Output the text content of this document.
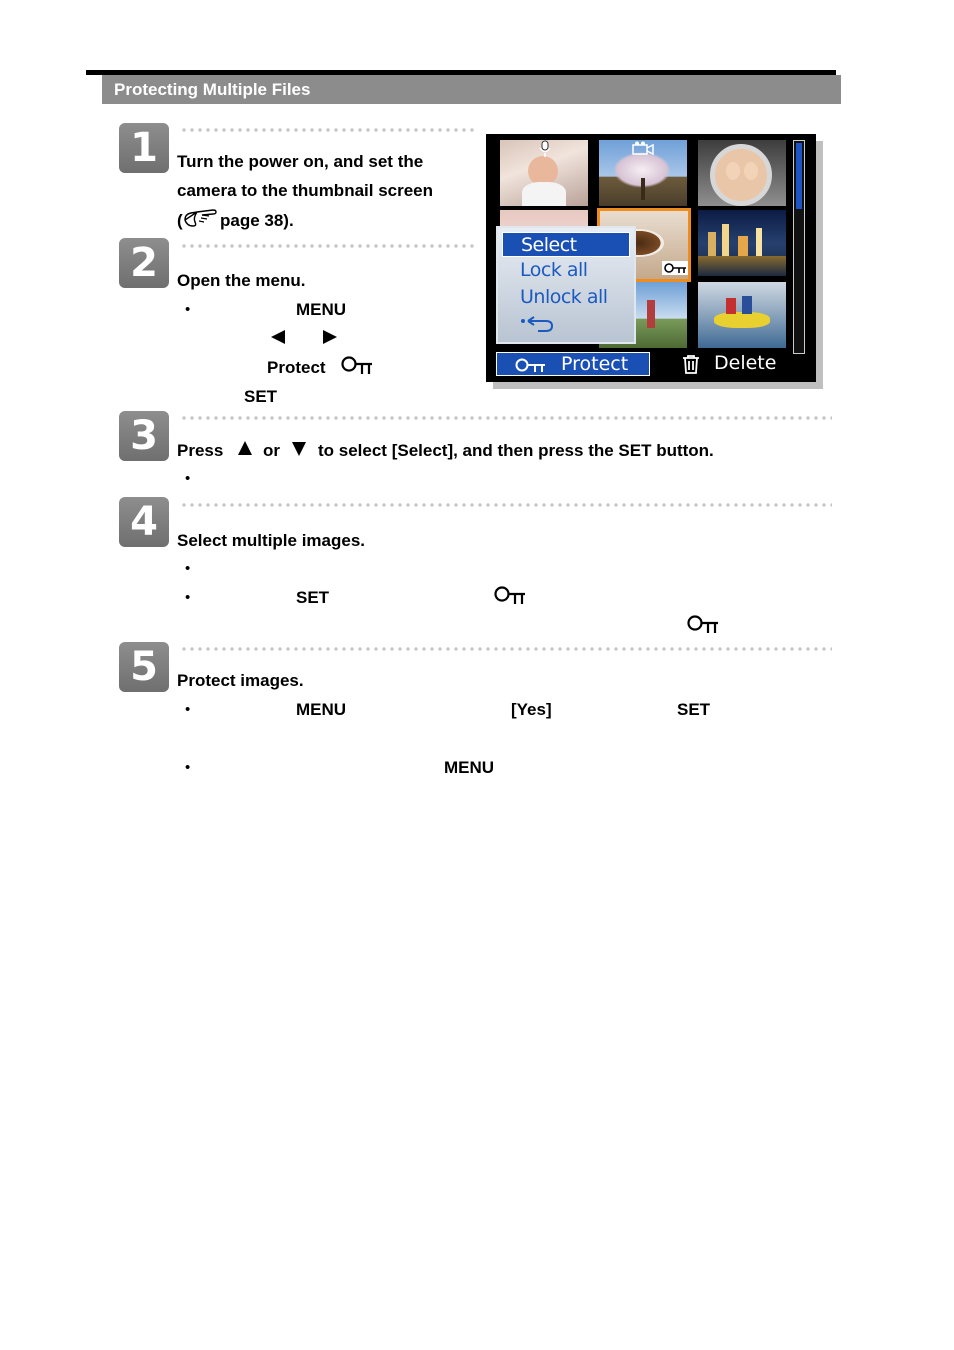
Protecting Multiple Files
1	Turn the power on, and set the
camera to the thumbnail screen
( page 38).
2	Open the menu.
•	MENU
Protect
SET
3	Press or to select [Select], and then press the SET button.
•
4	Select multiple images.
•
•	SET
5	Protect images.
•	MENU	[Yes]	SET
•	MENU
Select
Lock all
Unlock all
Protect	Delete
